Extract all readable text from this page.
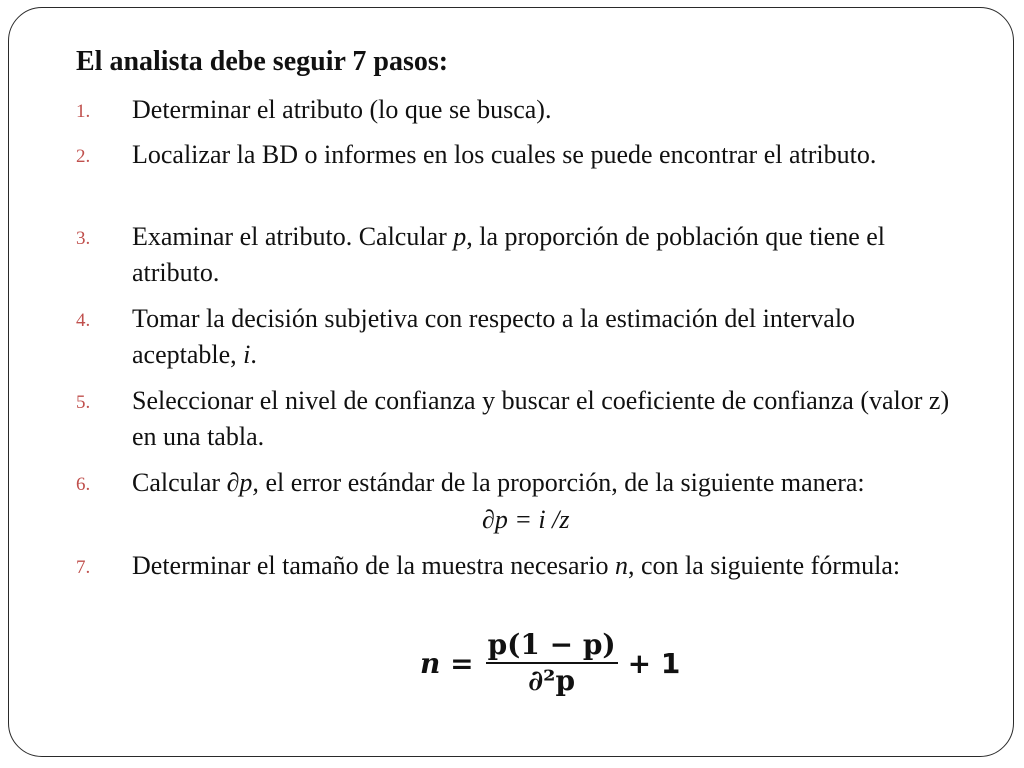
El analista debe seguir 7 pasos:
1.	Determinar el atributo (lo que se busca).
2.	Localizar la BD o informes en los cuales se puede encontrar el atributo.
3.	Examinar el atributo. Calcular p, la proporción de población que tiene el atributo.
4.	Tomar la decisión subjetiva con respecto a la estimación del intervalo aceptable, i.
5.	Seleccionar el nivel de confianza y buscar el coeficiente de confianza (valor z) en una tabla.
6.	Calcular ∂p, el error estándar de la proporción, de la siguiente manera:
∂p = i /z
7.	Determinar el tamaño de la muestra necesario n, con la siguiente fórmula:
$n = \frac{p(1 - p)}{\text{∂²p}} + 1$
